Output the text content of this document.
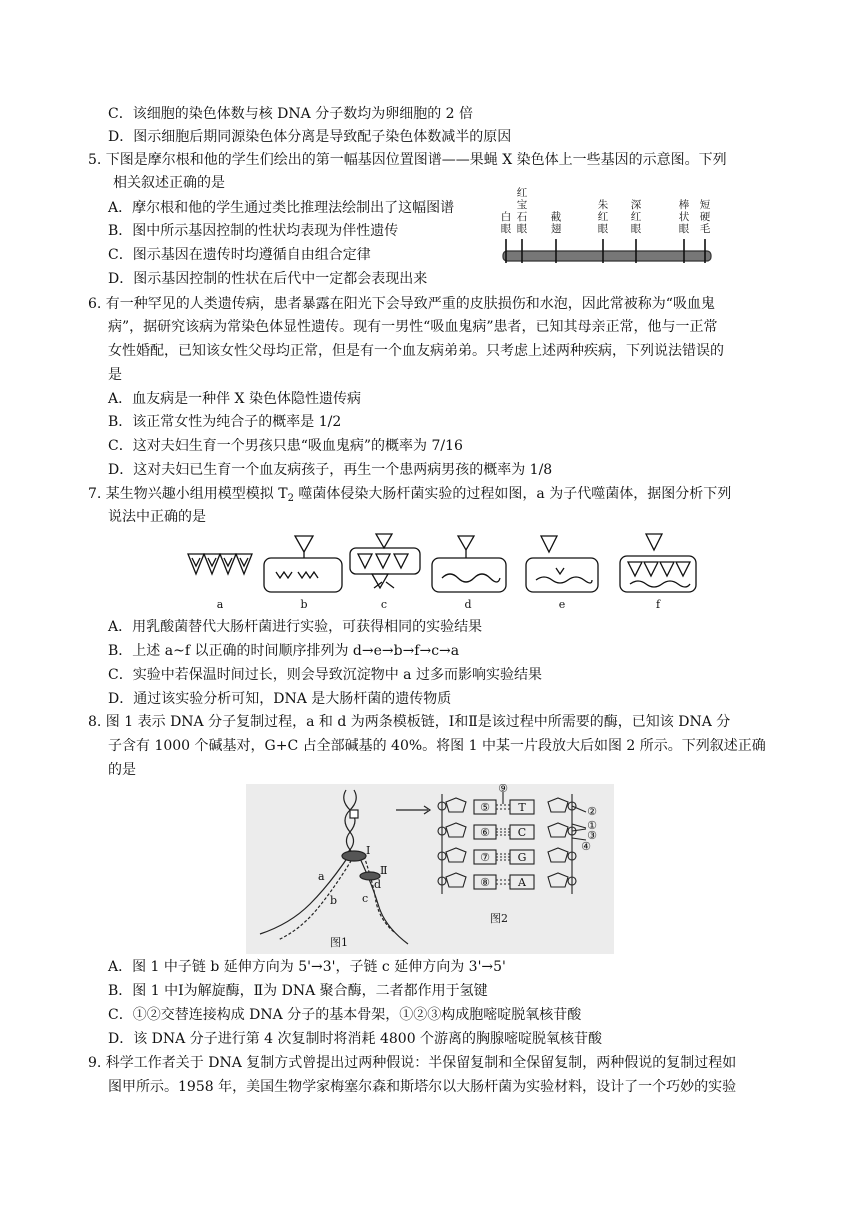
C．该细胞的染色体数与核 DNA 分子数均为卵细胞的 2 倍
D．图示细胞后期同源染色体分离是导致配子染色体数减半的原因
5. 下图是摩尔根和他的学生们绘出的第一幅基因位置图谱——果蝇 X 染色体上一些基因的示意图。下列
相关叙述正确的是
A．摩尔根和他的学生通过类比推理法绘制出了这幅图谱
B．图中所示基因控制的性状均表现为伴性遗传
C．图示基因在遗传时均遵循自由组合定律
D．图示基因控制的性状在后代中一定都会表现出来
白眼
红宝石眼
截翅
朱红眼
深红眼
棒状眼
短硬毛
6. 有一种罕见的人类遗传病，患者暴露在阳光下会导致严重的皮肤损伤和水泡，因此常被称为“吸血鬼
病”，据研究该病为常染色体显性遗传。现有一男性“吸血鬼病”患者，已知其母亲正常，他与一正常
女性婚配，已知该女性父母均正常，但是有一个血友病弟弟。只考虑上述两种疾病，下列说法错误的
是
A．血友病是一种伴 X 染色体隐性遗传病
B．该正常女性为纯合子的概率是 1/2
C．这对夫妇生育一个男孩只患“吸血鬼病”的概率为 7/16
D．这对夫妇已生育一个血友病孩子，再生一个患两病男孩的概率为 1/8
7. 某生物兴趣小组用模型模拟 $T_2$ 噬菌体侵染大肠杆菌实验的过程如图，a 为子代噬菌体，据图分析下列
说法中正确的是
a	b	c	d	e	f
A．用乳酸菌替代大肠杆菌进行实验，可获得相同的实验结果
B．上述 a~f 以正确的时间顺序排列为 d→e→b→f→c→a
C．实验中若保温时间过长，则会导致沉淀物中 a 过多而影响实验结果
D．通过该实验分析可知，DNA 是大肠杆菌的遗传物质
8. 图 1 表示 DNA 分子复制过程，a 和 d 为两条模板链，Ⅰ和Ⅱ是该过程中所需要的酶，已知该 DNA 分
子含有 1000 个碱基对，G+C 占全部碱基的 40%。将图 1 中某一片段放大后如图 2 所示。下列叙述正确
的是
Ⅰ
Ⅱ
a
b c
d
图1
图2
⑤
⑥
⑦
⑧
⑨
②
①
③
④
T
C
G
A
A．图 1 中子链 b 延伸方向为 5'→3'，子链 c 延伸方向为 3'→5'
B．图 1 中Ⅰ为解旋酶，Ⅱ为 DNA 聚合酶，二者都作用于氢键
C．①②交替连接构成 DNA 分子的基本骨架，①②③构成胞嘧啶脱氧核苷酸
D．该 DNA 分子进行第 4 次复制时将消耗 4800 个游离的胸腺嘧啶脱氧核苷酸
9. 科学工作者关于 DNA 复制方式曾提出过两种假说：半保留复制和全保留复制，两种假说的复制过程如
图甲所示。1958 年，美国生物学家梅塞尔森和斯塔尔以大肠杆菌为实验材料，设计了一个巧妙的实验
